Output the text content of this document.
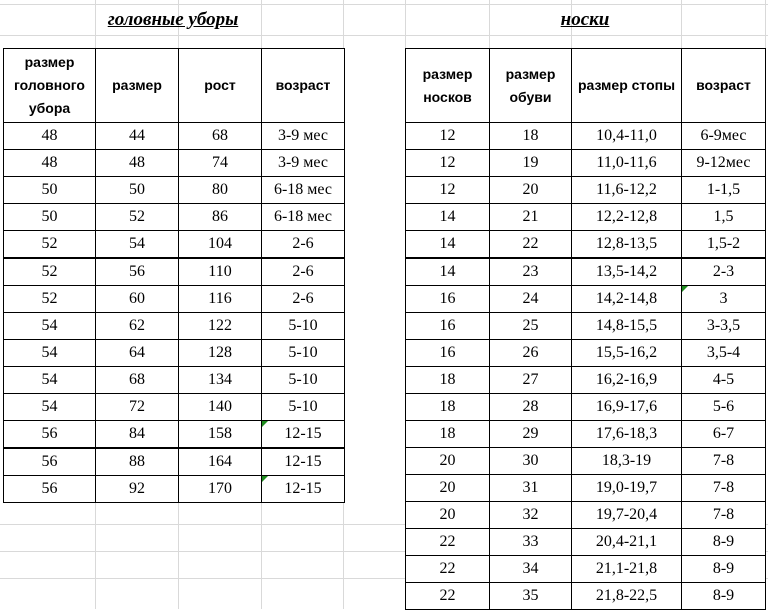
головные уборы	носки
размер головного убора	размер	рост	возраст
48	44	68	3-9 мес
48	48	74	3-9 мес
50	50	80	6-18 мес
50	52	86	6-18 мес
52	54	104	2-6
52	56	110	2-6
52	60	116	2-6
54	62	122	5-10
54	64	128	5-10
54	68	134	5-10
54	72	140	5-10
56	84	158	12-15

56	88	164	12-15
56	92	170	12-15
размер носков	размер обуви	размер стопы	возраст
12	18	10,4-11,0	6-9мес
12	19	11,0-11,6	9-12мес
12	20	11,6-12,2	1-1,5
14	21	12,2-12,8	1,5
14	22	12,8-13,5	1,5-2
14	23	13,5-14,2	2-3
16	24	14,2-14,8	3

16	25	14,8-15,5	3-3,5
16	26	15,5-16,2	3,5-4
18	27	16,2-16,9	4-5
18	28	16,9-17,6	5-6
18	29	17,6-18,3	6-7
20	30	18,3-19	7-8
20	31	19,0-19,7	7-8
20	32	19,7-20,4	7-8
22	33	20,4-21,1	8-9
22	34	21,1-21,8	8-9
22	35	21,8-22,5	8-9
